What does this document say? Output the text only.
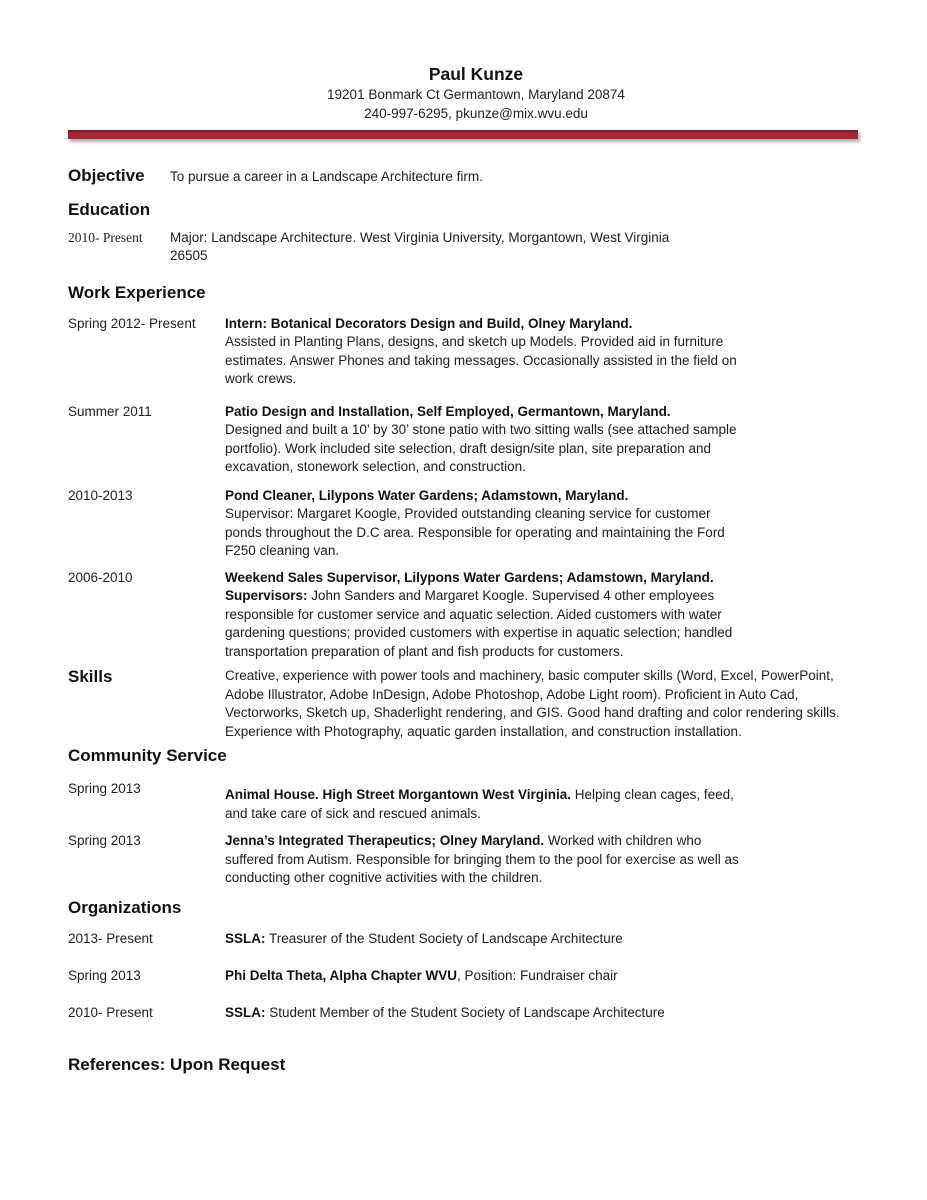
Paul Kunze
19201 Bonmark Ct Germantown, Maryland 20874
240-997-6295, pkunze@mix.wvu.edu
Objective	To pursue a career in a Landscape Architecture firm.
Education
2010- Present	Major: Landscape Architecture. West Virginia University, Morgantown, West Virginia 26505
Work Experience
Spring 2012- Present	Intern: Botanical Decorators Design and Build, Olney Maryland.
Assisted in Planting Plans, designs, and sketch up Models. Provided aid in furniture estimates. Answer Phones and taking messages. Occasionally assisted in the field on work crews.
Summer 2011	Patio Design and Installation, Self Employed, Germantown, Maryland.
Designed and built a 10’ by 30’ stone patio with two sitting walls (see attached sample portfolio). Work included site selection, draft design/site plan, site preparation and excavation, stonework selection, and construction.
2010-2013	Pond Cleaner, Lilypons Water Gardens; Adamstown, Maryland.
Supervisor: Margaret Koogle, Provided outstanding cleaning service for customer ponds throughout the D.C area. Responsible for operating and maintaining the Ford F250 cleaning van.
2006-2010	Weekend Sales Supervisor, Lilypons Water Gardens; Adamstown, Maryland. Supervisors: John Sanders and Margaret Koogle. Supervised 4 other employees responsible for customer service and aquatic selection. Aided customers with water gardening questions; provided customers with expertise in aquatic selection; handled transportation preparation of plant and fish products for customers.
Skills	Creative, experience with power tools and machinery, basic computer skills (Word, Excel, PowerPoint, Adobe Illustrator, Adobe InDesign, Adobe Photoshop, Adobe Light room). Proficient in Auto Cad, Vectorworks, Sketch up, Shaderlight rendering, and GIS. Good hand drafting and color rendering skills. Experience with Photography, aquatic garden installation, and construction installation.
Community Service
Spring 2013	Animal House. High Street Morgantown West Virginia. Helping clean cages, feed, and take care of sick and rescued animals.
Spring 2013	Jenna’s Integrated Therapeutics; Olney Maryland. Worked with children who suffered from Autism. Responsible for bringing them to the pool for exercise as well as conducting other cognitive activities with the children.
Organizations
2013- Present	SSLA: Treasurer of the Student Society of Landscape Architecture
Spring 2013	Phi Delta Theta, Alpha Chapter WVU, Position: Fundraiser chair
2010- Present	SSLA: Student Member of the Student Society of Landscape Architecture
References: Upon Request
